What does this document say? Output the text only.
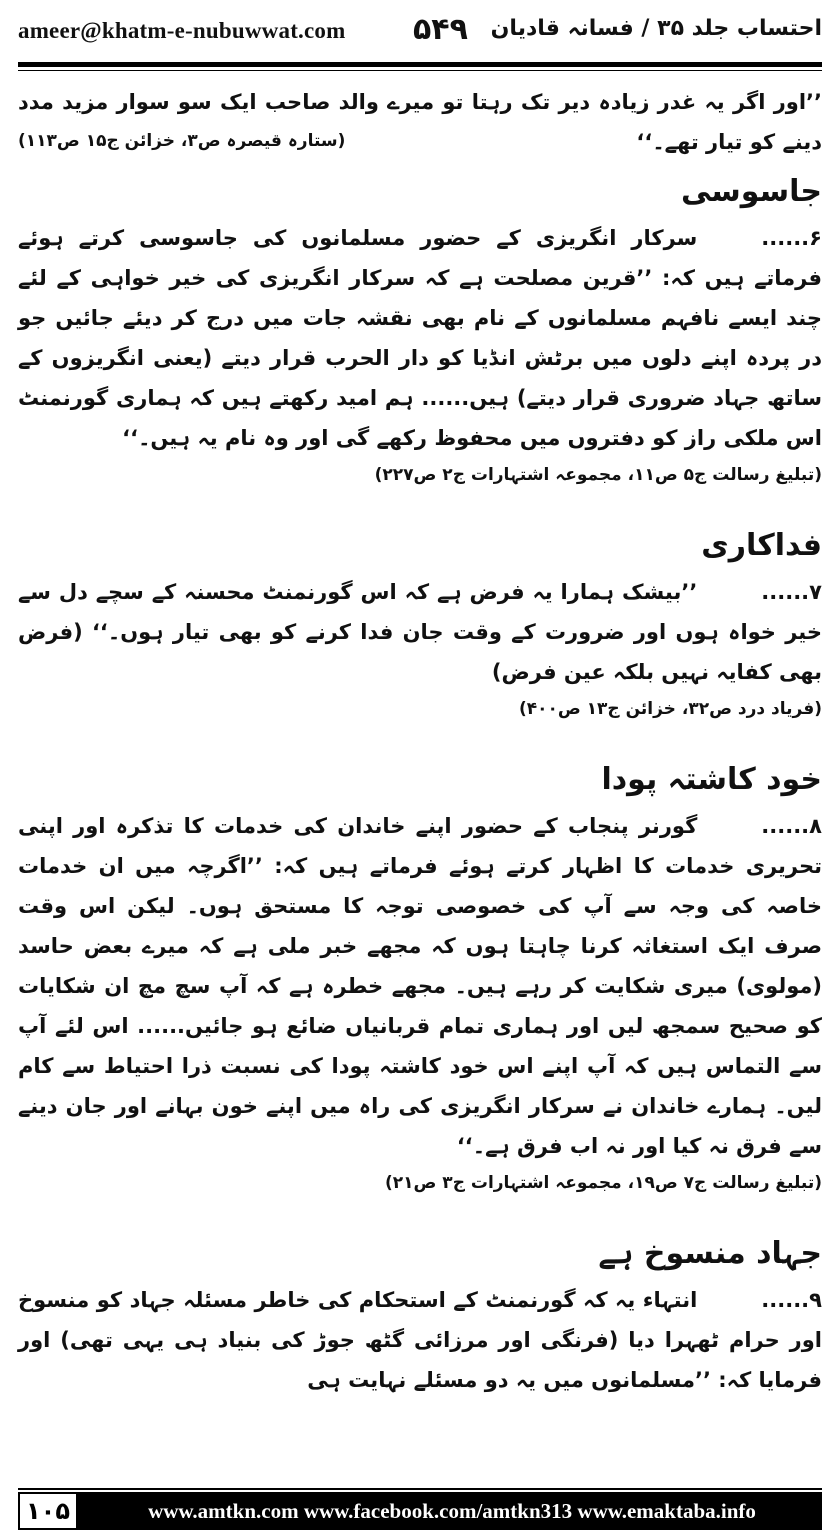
ameer@khatm-e-nubuwwat.com ۵۴۹ احتساب جلد ۳۵ / فسانہ قادیان

’’اور اگر یہ غدر زیادہ دیر تک رہتا تو میرے والد صاحب ایک سو سوار مزید مدد دینے کو تیار تھے۔‘‘

(ستارہ قیصرہ ص۳، خزائن ج۱۵ ص۱۱۳)

جاسوسی

۶......سرکار انگریزی کے حضور مسلمانوں کی جاسوسی کرتے ہوئے فرماتے ہیں کہ: ’’قرین مصلحت ہے کہ سرکار انگریزی کی خیر خواہی کے لئے چند ایسے نافہم مسلمانوں کے نام بھی نقشہ جات میں درج کر دیئے جائیں جو در پردہ اپنے دلوں میں برٹش انڈیا کو دار الحرب قرار دیتے (یعنی انگریزوں کے ساتھ جہاد ضروری قرار دیتے) ہیں...... ہم امید رکھتے ہیں کہ ہماری گورنمنٹ اس ملکی راز کو دفتروں میں محفوظ رکھے گی اور وہ نام یہ ہیں۔‘‘

(تبلیغ رسالت ج۵ ص۱۱، مجموعہ اشتہارات ج۲ ص۲۲۷)

فداکاری

۷......’’بیشک ہمارا یہ فرض ہے کہ اس گورنمنٹ محسنہ کے سچے دل سے خیر خواہ ہوں اور ضرورت کے وقت جان فدا کرنے کو بھی تیار ہوں۔‘‘ (فرض بھی کفایہ نہیں بلکہ عین فرض)

(فریاد درد ص۳۲، خزائن ج۱۳ ص۴۰۰)

خود کاشتہ پودا

۸......گورنر پنجاب کے حضور اپنے خاندان کی خدمات کا تذکرہ اور اپنی تحریری خدمات کا اظہار کرتے ہوئے فرماتے ہیں کہ: ’’اگرچہ میں ان خدمات خاصہ کی وجہ سے آپ کی خصوصی توجہ کا مستحق ہوں۔ لیکن اس وقت صرف ایک استغاثہ کرنا چاہتا ہوں کہ مجھے خبر ملی ہے کہ میرے بعض حاسد (مولوی) میری شکایت کر رہے ہیں۔ مجھے خطرہ ہے کہ آپ سچ مچ ان شکایات کو صحیح سمجھ لیں اور ہماری تمام قربانیاں ضائع ہو جائیں...... اس لئے آپ سے التماس ہیں کہ آپ اپنے اس خود کاشتہ پودا کی نسبت ذرا احتیاط سے کام لیں۔ ہمارے خاندان نے سرکار انگریزی کی راہ میں اپنے خون بہانے اور جان دینے سے فرق نہ کیا اور نہ اب فرق ہے۔‘‘

(تبلیغ رسالت ج۷ ص۱۹، مجموعہ اشتہارات ج۳ ص۲۱)

جہاد منسوخ ہے

۹......انتہاء یہ کہ گورنمنٹ کے استحکام کی خاطر مسئلہ جہاد کو منسوخ اور حرام ٹھہرا دیا (فرنگی اور مرزائی گٹھ جوڑ کی بنیاد ہی یہی تھی) اور فرمایا کہ: ’’مسلمانوں میں یہ دو مسئلے نہایت ہی

۱۰۵	www.amtkn.com www.facebook.com/amtkn313 www.emaktaba.info
